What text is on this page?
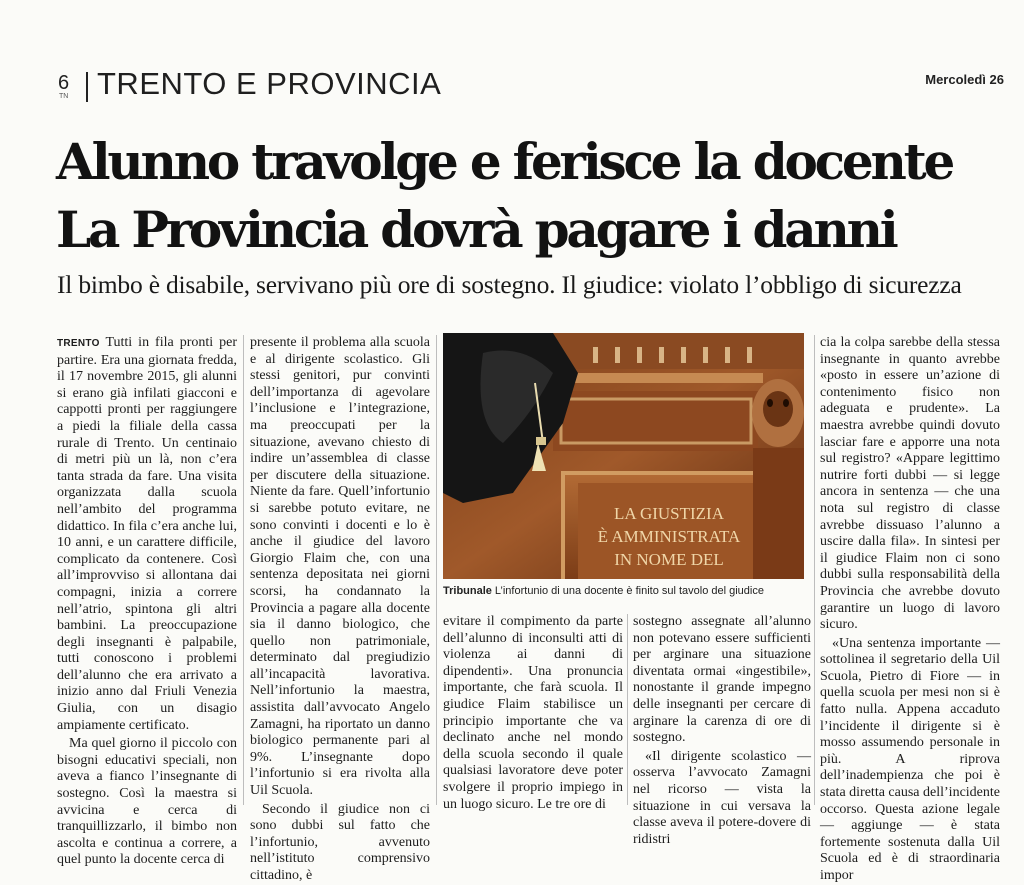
6
TN TRENTO E PROVINCIA	Mercoledì 26
Alunno travolge e ferisce la docente
La Provincia dovrà pagare i danni
Il bimbo è disabile, servivano più ore di sostegno. Il giudice: violato l’obbligo di sicurezza

TRENTO Tutti in fila pronti per partire. Era una giornata fredda, il 17 novembre 2015, gli alunni si erano già infilati giacconi e cappotti pronti per raggiungere a piedi la filiale della cassa rurale di Trento. Un centinaio di metri più un là, non c’era tanta strada da fare. Una visita organizzata dalla scuola nell’ambito del programma didattico. In fila c’era anche lui, 10 anni, e un carattere difficile, complicato da contenere. Così all’improvviso si allontana dai compagni, inizia a correre nell’atrio, spintona gli altri bambini. La preoccupazione degli insegnanti è palpabile, tutti conoscono i problemi dell’alunno che era arrivato a inizio anno dal Friuli Venezia Giulia, con un disagio ampiamente certificato.

Ma quel giorno il piccolo con bisogni educativi speciali, non aveva a fianco l’insegnante di sostegno. Così la maestra si avvicina e cerca di tranquillizzarlo, il bimbo non ascolta e continua a correre, a quel punto la docente cerca di

presente il problema alla scuola e al dirigente scolastico. Gli stessi genitori, pur convinti dell’importanza di agevolare l’inclusione e l’integrazione, ma preoccupati per la situazione, avevano chiesto di indire un’assemblea di classe per discutere della situazione. Niente da fare. Quell’infortunio si sarebbe potuto evitare, ne sono convinti i docenti e lo è anche il giudice del lavoro Giorgio Flaim che, con una sentenza depositata nei giorni scorsi, ha condannato la Provincia a pagare alla docente sia il danno biologico, che quello non patrimoniale, determinato dal pregiudizio all’incapacità lavorativa. Nell’infortunio la maestra, assistita dall’avvocato Angelo Zamagni, ha riportato un danno biologico permanente pari al 9%. L’insegnante dopo l’infortunio si era rivolta alla Uil Scuola.

Secondo il giudice non ci sono dubbi sul fatto che l’infortunio, avvenuto nell’istituto comprensivo cittadino, è

LA GIUSTIZIA
È AMMINISTRATA
IN NOME DEL
Tribunale L’infortunio di una docente è finito sul tavolo del giudice

evitare il compimento da parte dell’alunno di inconsulti atti di violenza ai danni di dipendenti». Una pronuncia importante, che farà scuola. Il giudice Flaim stabilisce un principio importante che va declinato anche nel mondo della scuola secondo il quale qualsiasi lavoratore deve poter svolgere il proprio impiego in un luogo sicuro. Le tre ore di

sostegno assegnate all’alunno non potevano essere sufficienti per arginare una situazione diventata ormai «ingestibile», nonostante il grande impegno delle insegnanti per cercare di arginare la carenza di ore di sostegno.

«Il dirigente scolastico — osserva l’avvocato Zamagni nel ricorso — vista la situazione in cui versava la classe aveva il potere-dovere di ridistri

cia la colpa sarebbe della stessa insegnante in quanto avrebbe «posto in essere un’azione di contenimento fisico non adeguata e prudente». La maestra avrebbe quindi dovuto lasciar fare e apporre una nota sul registro? «Appare legittimo nutrire forti dubbi — si legge ancora in sentenza — che una nota sul registro di classe avrebbe dissuaso l’alunno a uscire dalla fila». In sintesi per il giudice Flaim non ci sono dubbi sulla responsabilità della Provincia che avrebbe dovuto garantire un luogo di lavoro sicuro.

«Una sentenza importante — sottolinea il segretario della Uil Scuola, Pietro di Fiore — in quella scuola per mesi non si è fatto nulla. Appena accaduto l’incidente il dirigente si è mosso assumendo personale in più. A riprova dell’inadempienza che poi è stata diretta causa dell’incidente occorso. Questa azione legale — aggiunge — è stata fortemente sostenuta dalla Uil Scuola ed è di straordinaria impor
